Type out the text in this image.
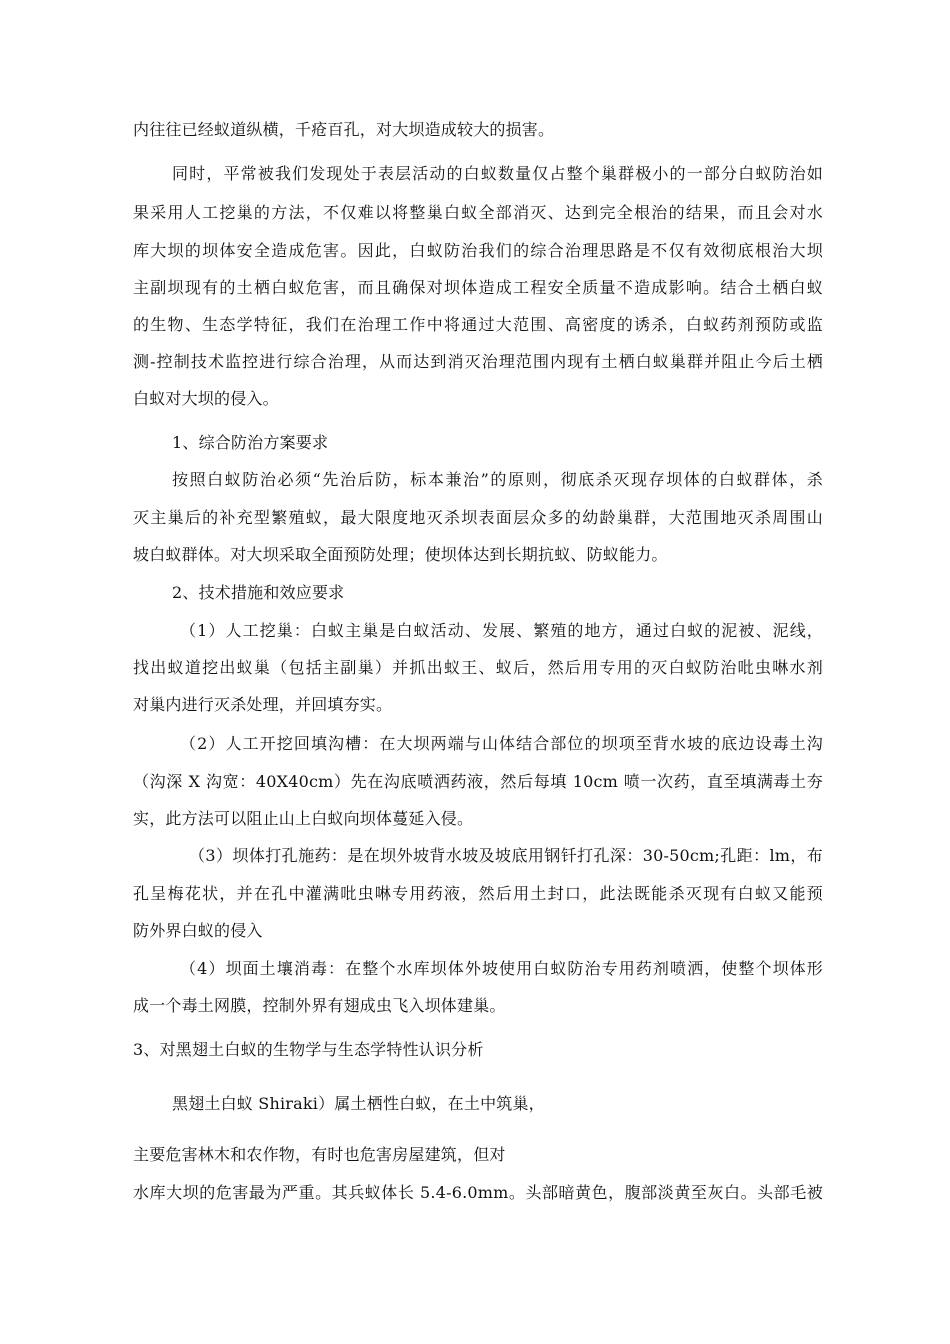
内往往已经蚁道纵横，千疮百孔，对大坝造成较大的损害。
同时，平常被我们发现处于表层活动的白蚁数量仅占整个巢群极小的一部分白蚁防治如
果采用人工挖巢的方法，不仅难以将整巢白蚁全部消灭、达到完全根治的结果，而且会对水
库大坝的坝体安全造成危害。因此，白蚁防治我们的综合治理思路是不仅有效彻底根治大坝
主副坝现有的土栖白蚁危害，而且确保对坝体造成工程安全质量不造成影响。结合土栖白蚁
的生物、生态学特征，我们在治理工作中将通过大范围、高密度的诱杀，白蚁药剂预防或监
测-控制技术监控进行综合治理，从而达到消灭治理范围内现有土栖白蚁巢群并阻止今后土栖
白蚁对大坝的侵入。
1、综合防治方案要求
按照白蚁防治必须“先治后防，标本兼治”的原则，彻底杀灭现存坝体的白蚁群体，杀
灭主巢后的补充型繁殖蚁，最大限度地灭杀坝表面层众多的幼龄巢群，大范围地灭杀周围山
坡白蚁群体。对大坝采取全面预防处理；使坝体达到长期抗蚁、防蚁能力。
2、技术措施和效应要求
（1）人工挖巢：白蚁主巢是白蚁活动、发展、繁殖的地方，通过白蚁的泥被、泥线，
找出蚁道挖出蚁巢（包括主副巢）并抓出蚁王、蚁后，然后用专用的灭白蚁防治吡虫啉水剂
对巢内进行灭杀处理，并回填夯实。
（2）人工开挖回填沟槽：在大坝两端与山体结合部位的坝项至背水坡的底边设毒土沟
（沟深 X 沟宽：40X40cm）先在沟底喷洒药液，然后每填 10cm 喷一次药，直至填满毒土夯
实，此方法可以阻止山上白蚁向坝体蔓延入侵。
（3）坝体打孔施药：是在坝外坡背水坡及坡底用钢钎打孔深：30-50cm;孔距：lm，布
孔呈梅花状，并在孔中灌满吡虫啉专用药液，然后用土封口，此法既能杀灭现有白蚁又能预
防外界白蚁的侵入
（4）坝面土壤消毒：在整个水库坝体外坡使用白蚁防治专用药剂喷洒，使整个坝体形
成一个毒土网膜，控制外界有翅成虫飞入坝体建巢。
3、对黑翅土白蚁的生物学与生态学特性认识分析
黑翅土白蚁 Shiraki）属土栖性白蚁，在土中筑巢，
主要危害林木和农作物，有时也危害房屋建筑，但对
水库大坝的危害最为严重。其兵蚁体长 5.4-6.0mm。头部暗黄色，腹部淡黄至灰白。头部毛被
